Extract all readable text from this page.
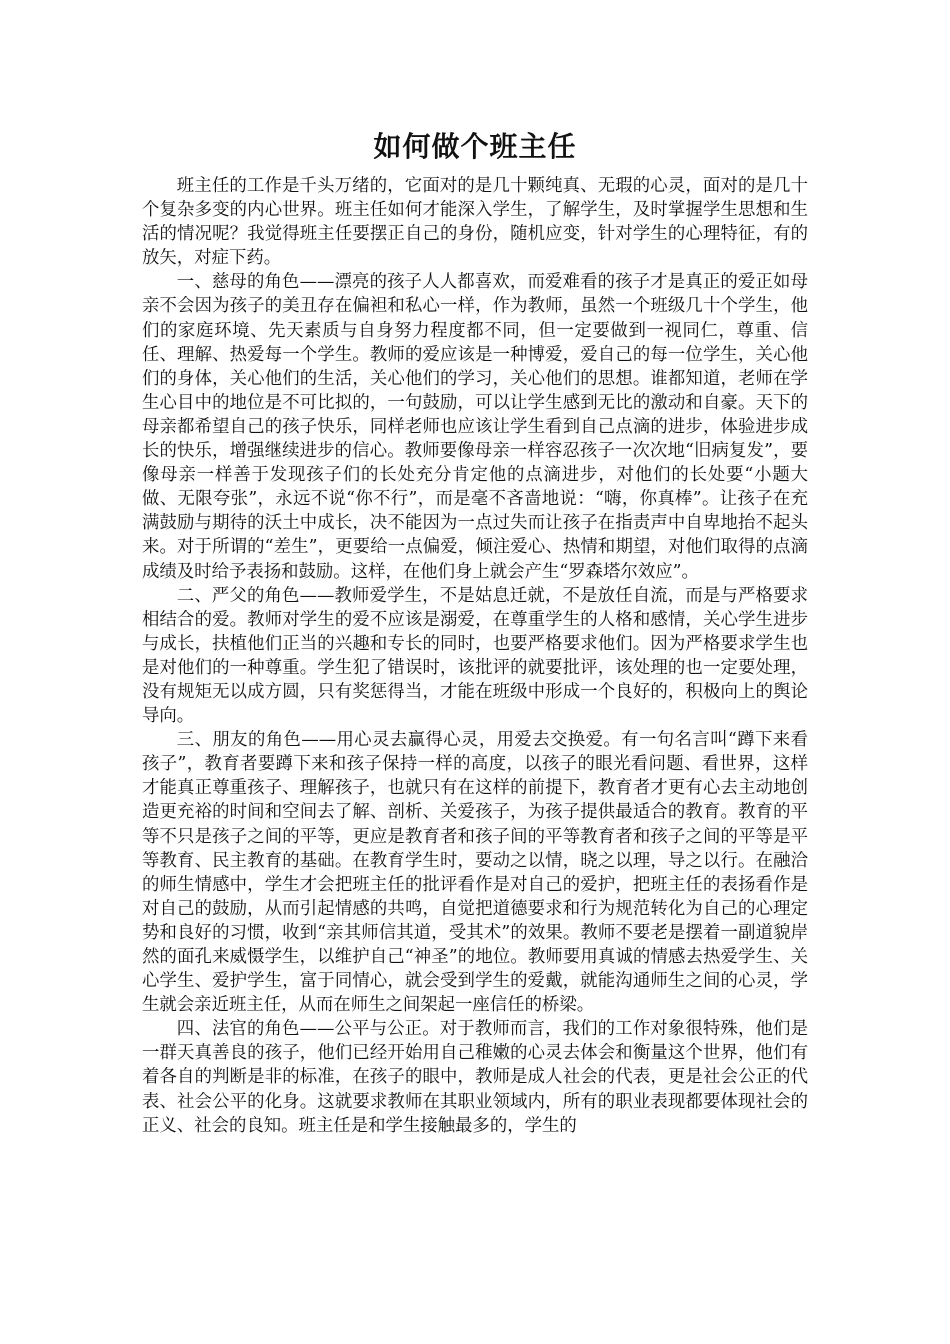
如何做个班主任

班主任的工作是千头万绪的，它面对的是几十颗纯真、无瑕的心灵，面对的是几十个复杂多变的内心世界。班主任如何才能深入学生，了解学生，及时掌握学生思想和生活的情况呢？我觉得班主任要摆正自己的身份，随机应变，针对学生的心理特征，有的放矢，对症下药。

一、慈母的角色——漂亮的孩子人人都喜欢，而爱难看的孩子才是真正的爱正如母亲不会因为孩子的美丑存在偏袒和私心一样，作为教师，虽然一个班级几十个学生，他们的家庭环境、先天素质与自身努力程度都不同，但一定要做到一视同仁，尊重、信任、理解、热爱每一个学生。教师的爱应该是一种博爱，爱自己的每一位学生，关心他们的身体，关心他们的生活，关心他们的学习，关心他们的思想。谁都知道，老师在学生心目中的地位是不可比拟的，一句鼓励，可以让学生感到无比的激动和自豪。天下的母亲都希望自己的孩子快乐，同样老师也应该让学生看到自己点滴的进步，体验进步成长的快乐，增强继续进步的信心。教师要像母亲一样容忍孩子一次次地“旧病复发”，要像母亲一样善于发现孩子们的长处充分肯定他的点滴进步，对他们的长处要“小题大做、无限夸张”，永远不说“你不行”，而是毫不吝啬地说：“嗨，你真棒”。让孩子在充满鼓励与期待的沃土中成长，决不能因为一点过失而让孩子在指责声中自卑地抬不起头来。对于所谓的“差生”，更要给一点偏爱，倾注爱心、热情和期望，对他们取得的点滴成绩及时给予表扬和鼓励。这样，在他们身上就会产生“罗森塔尔效应”。

二、严父的角色——教师爱学生，不是姑息迁就，不是放任自流，而是与严格要求相结合的爱。教师对学生的爱不应该是溺爱，在尊重学生的人格和感情，关心学生进步与成长，扶植他们正当的兴趣和专长的同时，也要严格要求他们。因为严格要求学生也是对他们的一种尊重。学生犯了错误时，该批评的就要批评，该处理的也一定要处理，没有规矩无以成方圆，只有奖惩得当，才能在班级中形成一个良好的，积极向上的舆论导向。

三、朋友的角色——用心灵去赢得心灵，用爱去交换爱。有一句名言叫“蹲下来看孩子”，教育者要蹲下来和孩子保持一样的高度，以孩子的眼光看问题、看世界，这样才能真正尊重孩子、理解孩子，也就只有在这样的前提下，教育者才更有心去主动地创造更充裕的时间和空间去了解、剖析、关爱孩子，为孩子提供最适合的教育。教育的平等不只是孩子之间的平等，更应是教育者和孩子间的平等教育者和孩子之间的平等是平等教育、民主教育的基础。在教育学生时，要动之以情，晓之以理，导之以行。在融洽的师生情感中，学生才会把班主任的批评看作是对自己的爱护，把班主任的表扬看作是对自己的鼓励，从而引起情感的共鸣，自觉把道德要求和行为规范转化为自己的心理定势和良好的习惯，收到“亲其师信其道，受其术”的效果。教师不要老是摆着一副道貌岸然的面孔来威慑学生，以维护自己“神圣”的地位。教师要用真诚的情感去热爱学生、关心学生、爱护学生，富于同情心，就会受到学生的爱戴，就能沟通师生之间的心灵，学生就会亲近班主任，从而在师生之间架起一座信任的桥梁。

四、法官的角色——公平与公正。对于教师而言，我们的工作对象很特殊，他们是一群天真善良的孩子，他们已经开始用自己稚嫩的心灵去体会和衡量这个世界，他们有着各自的判断是非的标准，在孩子的眼中，教师是成人社会的代表，更是社会公正的代表、社会公平的化身。这就要求教师在其职业领域内，所有的职业表现都要体现社会的正义、社会的良知。班主任是和学生接触最多的，学生的
